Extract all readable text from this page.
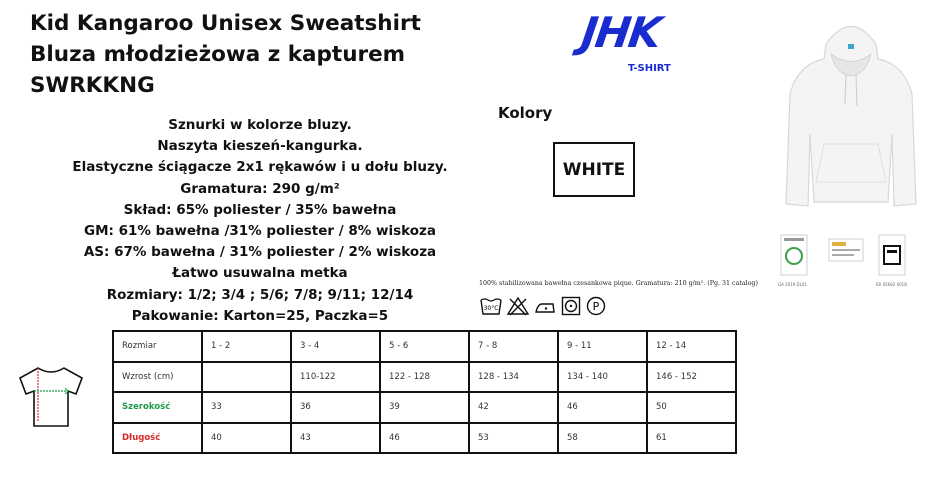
Kid Kangaroo Unisex Sweatshirt
Bluza młodzieżowa z kapturem
SWRKKNG
Sznurki w kolorze bluzy.
Naszyta kieszeń-kangurka.
Elastyczne ściągacze 2x1 rękawów i u dołu bluzy.
Gramatura: 290 g/m²
Skład: 65% poliester / 35% bawełna
GM: 61% bawełna /31% poliester / 8% wiskoza
AS: 67% bawełna / 31% poliester / 2% wiskoza
Łatwo usuwalna metka
Rozmiary: 1/2; 3/4 ; 5/6; 7/8; 9/11; 12/14
Pakowanie: Karton=25, Paczka=5
JHK
T-SHIRT
Kolory
WHITE
GA 2019 DL01	ER 02682 0018
100% stabilizowana bawełna czesankowa pique. Gramatura: 210 g/m². (Pg. 31 catalog)
30°C	P
Rozmiar	1 - 2	3 - 4	5 - 6	7 - 8	9 - 11	12 - 14
Wzrost (cm)		110-122	122 - 128	128 - 134	134 - 140	146 - 152
Szerokość	33	36	39	42	46	50
Długość	40	43	46	53	58	61
